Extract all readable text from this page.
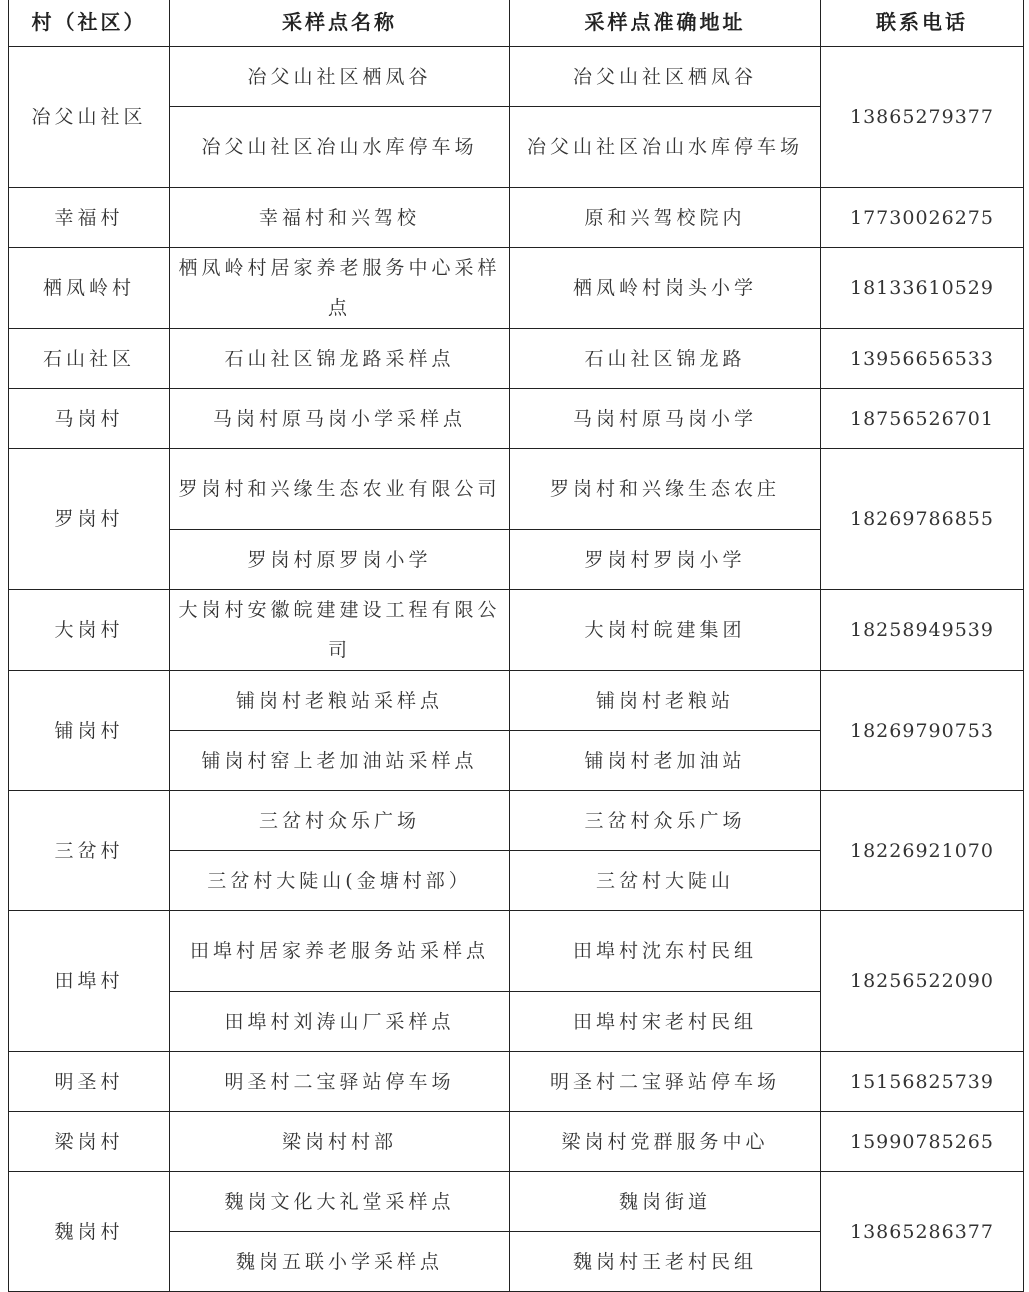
村（社区）	采样点名称	采样点准确地址	联系电话
冶父山社区	冶父山社区栖凤谷	冶父山社区栖凤谷	13865279377
	冶父山社区冶山水库停车场	冶父山社区冶山水库停车场	
幸福村	幸福村和兴驾校	原和兴驾校院内	17730026275
栖凤岭村	栖凤岭村居家养老服务中心采样点	栖凤岭村岗头小学	18133610529
石山社区	石山社区锦龙路采样点	石山社区锦龙路	13956656533
马岗村	马岗村原马岗小学采样点	马岗村原马岗小学	18756526701
罗岗村	罗岗村和兴缘生态农业有限公司	罗岗村和兴缘生态农庄	18269786855
	罗岗村原罗岗小学	罗岗村罗岗小学	
大岗村	大岗村安徽皖建建设工程有限公司	大岗村皖建集团	18258949539
铺岗村	铺岗村老粮站采样点	铺岗村老粮站	18269790753
	铺岗村窑上老加油站采样点	铺岗村老加油站	
三岔村	三岔村众乐广场	三岔村众乐广场	18226921070
	三岔村大陡山(金塘村部）	三岔村大陡山	
田埠村	田埠村居家养老服务站采样点	田埠村沈东村民组	18256522090
	田埠村刘涛山厂采样点	田埠村宋老村民组	
明圣村	明圣村二宝驿站停车场	明圣村二宝驿站停车场	15156825739
梁岗村	梁岗村村部	梁岗村党群服务中心	15990785265
魏岗村	魏岗文化大礼堂采样点	魏岗街道	13865286377
	魏岗五联小学采样点	魏岗村王老村民组	
